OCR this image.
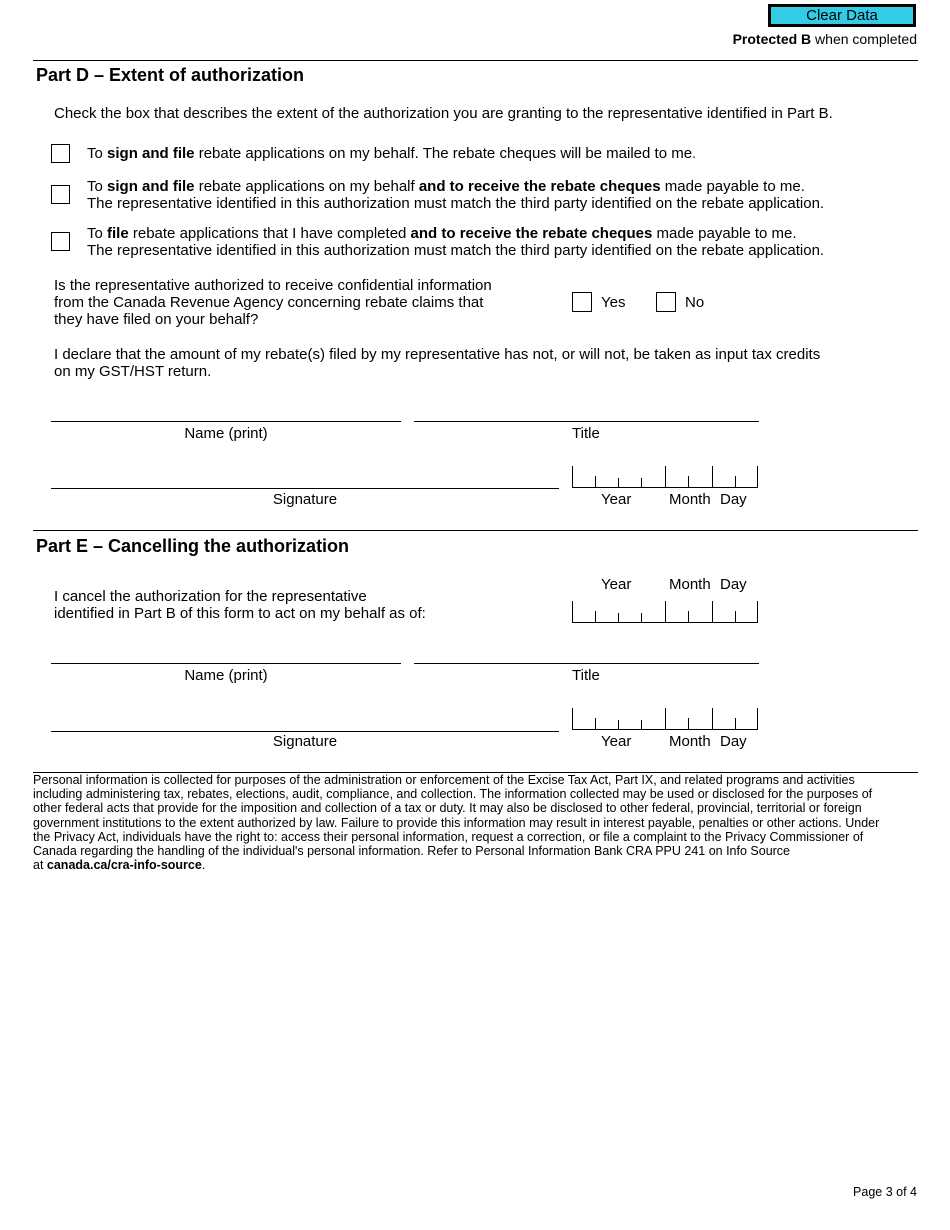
Clear Data
Protected B when completed
Part D – Extent of authorization
Check the box that describes the extent of the authorization you are granting to the representative identified in Part B.
To sign and file rebate applications on my behalf. The rebate cheques will be mailed to me.
To sign and file rebate applications on my behalf and to receive the rebate cheques made payable to me.
The representative identified in this authorization must match the third party identified on the rebate application.
To file rebate applications that I have completed and to receive the rebate cheques made payable to me.
The representative identified in this authorization must match the third party identified on the rebate application.
Is the representative authorized to receive confidential information
from the Canada Revenue Agency concerning rebate claims that
they have filed on your behalf?
Yes	No
I declare that the amount of my rebate(s) filed by my representative has not, or will not, be taken as input tax credits
on my GST/HST return.
Name (print)	Title
Signature	Year	Month Day
Part E – Cancelling the authorization
I cancel the authorization for the representative
identified in Part B of this form to act on my behalf as of:
Year	Month Day
Name (print)	Title
Signature	Year	Month Day
Personal information is collected for purposes of the administration or enforcement of the Excise Tax Act, Part IX, and related programs and activities including administering tax, rebates, elections, audit, compliance, and collection. The information collected may be used or disclosed for the purposes of other federal acts that provide for the imposition and collection of a tax or duty. It may also be disclosed to other federal, provincial, territorial or foreign government institutions to the extent authorized by law. Failure to provide this information may result in interest payable, penalties or other actions. Under the Privacy Act, individuals have the right to: access their personal information, request a correction, or file a complaint to the Privacy Commissioner of Canada regarding the handling of the individual's personal information. Refer to Personal Information Bank CRA PPU 241 on Info Source
at canada.ca/cra-info-source.
Page 3 of 4
